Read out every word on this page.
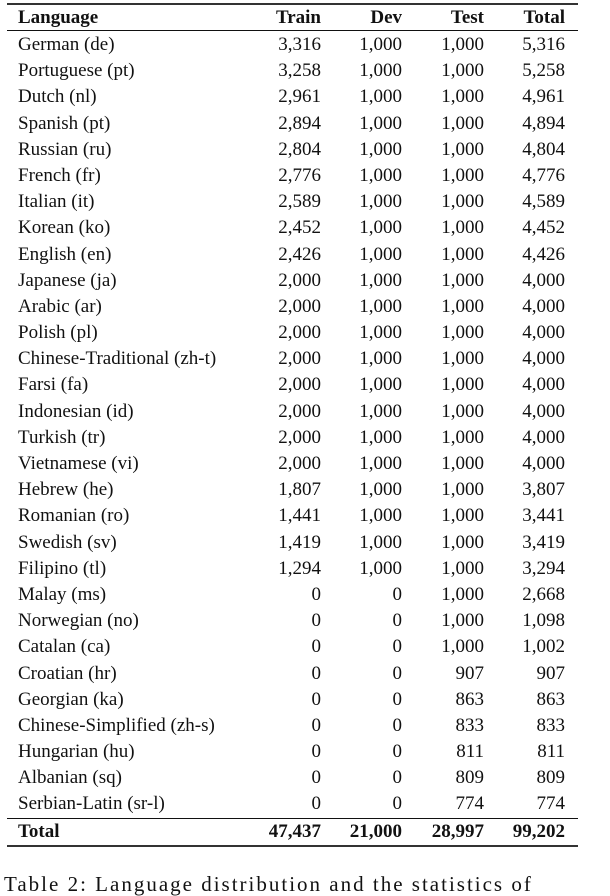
Language	Train	Dev	Test Total
German (de)	3,316 1,000 1,000 5,316
Portuguese (pt)	3,258 1,000 1,000 5,258
Dutch (nl)	2,961 1,000 1,000 4,961
Spanish (pt)	2,894 1,000 1,000 4,894
Russian (ru)	2,804 1,000 1,000 4,804
French (fr)	2,776 1,000 1,000 4,776
Italian (it)	2,589 1,000 1,000 4,589
Korean (ko)	2,452 1,000 1,000 4,452
English (en)	2,426 1,000 1,000 4,426
Japanese (ja)	2,000 1,000 1,000 4,000
Arabic (ar)	2,000 1,000 1,000 4,000
Polish (pl)	2,000 1,000 1,000 4,000
Chinese-Traditional (zh-t)	2,000 1,000 1,000 4,000
Farsi (fa)	2,000 1,000 1,000 4,000
Indonesian (id)	2,000 1,000 1,000 4,000
Turkish (tr)	2,000 1,000 1,000 4,000
Vietnamese (vi)	2,000 1,000 1,000 4,000
Hebrew (he)	1,807 1,000 1,000 3,807
Romanian (ro)	1,441 1,000 1,000 3,441
Swedish (sv)	1,419 1,000 1,000 3,419
Filipino (tl)	1,294 1,000 1,000 3,294
Malay (ms)	0	0 1,000 2,668
Norwegian (no)	0	0 1,000 1,098
Catalan (ca)	0	0 1,000 1,002
Croatian (hr)	0	0	907	907
Georgian (ka)	0	0	863	863
Chinese-Simplified (zh-s)	0	0	833	833
Hungarian (hu)	0	0	811	811
Albanian (sq)	0	0	809	809
Serbian-Latin (sr-l)	0	0	774	774
Total	47,437 21,000 28,997 99,202
Table 2: Language distribution and the statistics of
